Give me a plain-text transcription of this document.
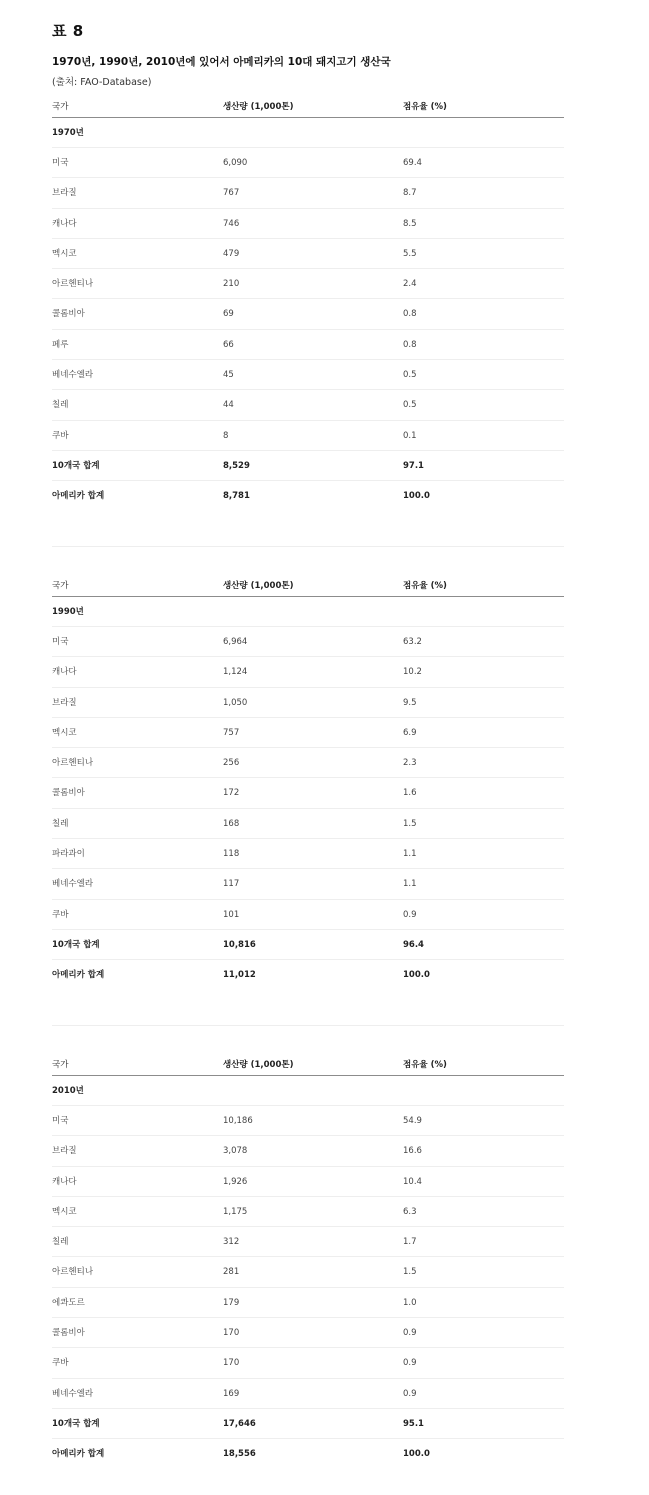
표 8
1970년, 1990년, 2010년에 있어서 아메리카의 10대 돼지고기 생산국
(출처: FAO-Database)
국가	생산량 (1,000톤)	점유율 (%)
1970년
미국	6,090	69.4
브라질	767	8.7
캐나다	746	8.5
멕시코	479	5.5
아르헨티나	210	2.4
콜롬비아	69	0.8
페루	66	0.8
베네수엘라	45	0.5
칠레	44	0.5
쿠바	8	0.1
10개국 합계	8,529	97.1
아메리카 합계	8,781	100.0
국가	생산량 (1,000톤)	점유율 (%)
1990년
미국	6,964	63.2
캐나다	1,124	10.2
브라질	1,050	9.5
멕시코	757	6.9
아르헨티나	256	2.3
콜롬비아	172	1.6
칠레	168	1.5
파라과이	118	1.1
베네수엘라	117	1.1
쿠바	101	0.9
10개국 합계	10,816	96.4
아메리카 합계	11,012	100.0
국가	생산량 (1,000톤)	점유율 (%)
2010년
미국	10,186	54.9
브라질	3,078	16.6
캐나다	1,926	10.4
멕시코	1,175	6.3
칠레	312	1.7
아르헨티나	281	1.5
에콰도르	179	1.0
콜롬비아	170	0.9
쿠바	170	0.9
베네수엘라	169	0.9
10개국 합계	17,646	95.1
아메리카 합계	18,556	100.0
